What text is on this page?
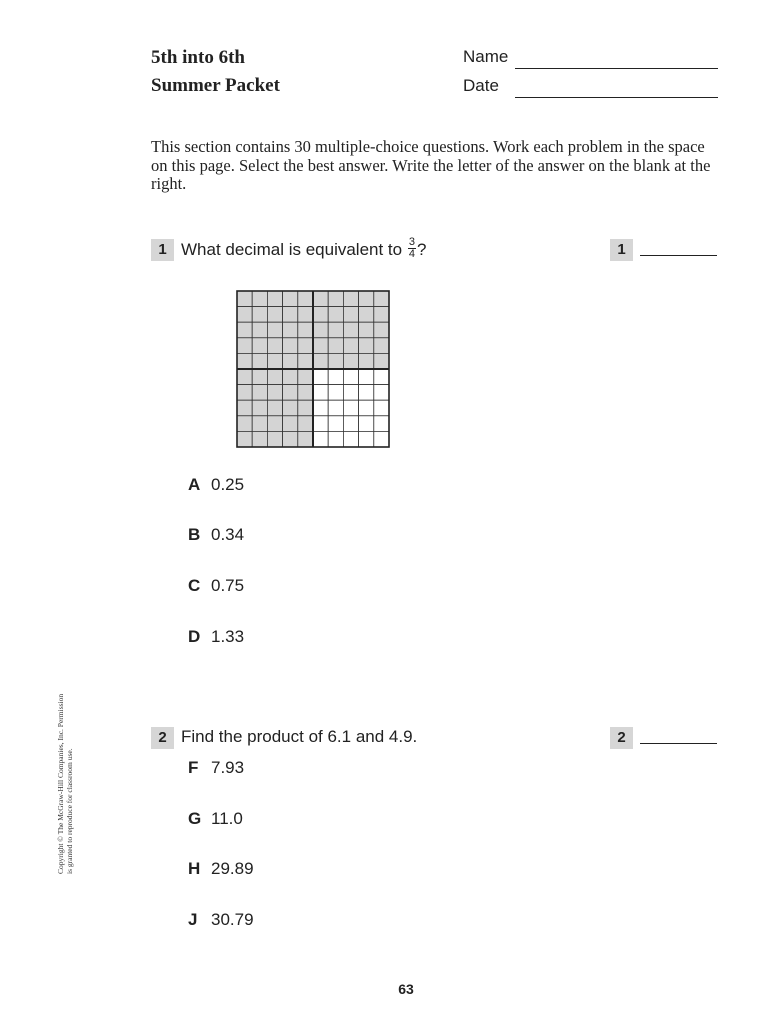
5th into 6th
Summer Packet
Name
Date
This section contains 30 multiple-choice questions. Work each problem in the space on this page. Select the best answer. Write the letter of the answer on the blank at the right.
1 What decimal is equivalent to $\frac{3}{4}$ ?	1
A 0.25
B 0.34
C 0.75
D 1.33
2 Find the product of 6.1 and 4.9.	2
F 7.93
G 11.0
H 29.89
J 30.79
Copyright © The McGraw-Hill Companies, Inc. Permission is granted to reproduce for classroom use.
63
